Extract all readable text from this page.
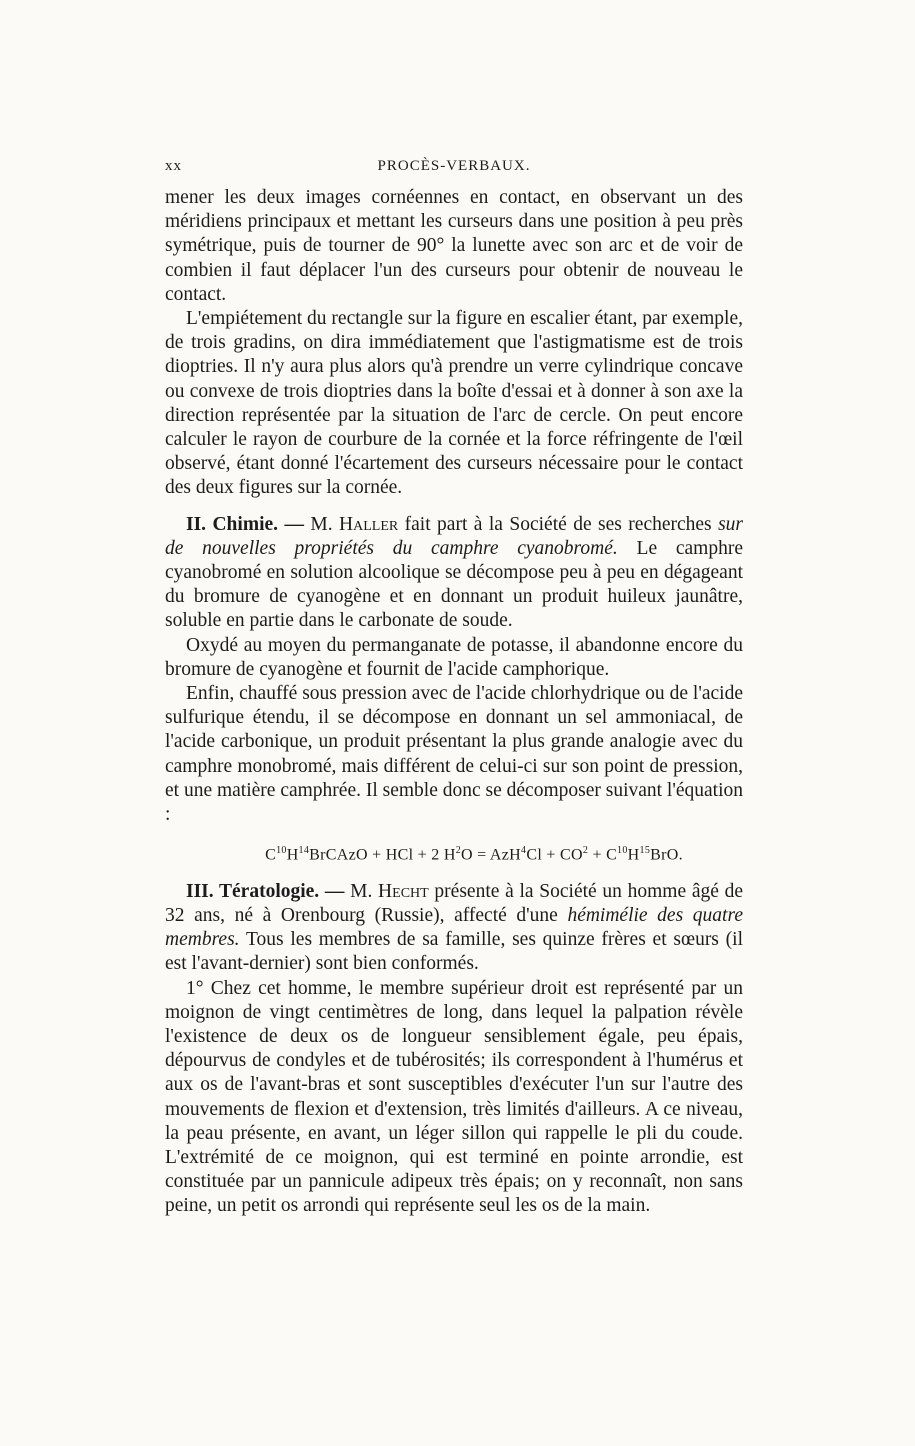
xx	PROCÈS-VERBAUX.

mener les deux images cornéennes en contact, en observant un des méridiens principaux et mettant les curseurs dans une position à peu près symétrique, puis de tourner de 90° la lunette avec son arc et de voir de combien il faut déplacer l'un des curseurs pour obtenir de nouveau le contact.

L'empiétement du rectangle sur la figure en escalier étant, par exemple, de trois gradins, on dira immédiatement que l'astigmatisme est de trois dioptries. Il n'y aura plus alors qu'à prendre un verre cylindrique concave ou convexe de trois dioptries dans la boîte d'essai et à donner à son axe la direction représentée par la situation de l'arc de cercle. On peut encore calculer le rayon de courbure de la cornée et la force réfringente de l'œil observé, étant donné l'écartement des curseurs nécessaire pour le contact des deux figures sur la cornée.

II. Chimie. — M. Haller fait part à la Société de ses recherches sur de nouvelles propriétés du camphre cyanobromé. Le camphre cyanobromé en solution alcoolique se décompose peu à peu en dégageant du bromure de cyanogène et en donnant un produit huileux jaunâtre, soluble en partie dans le carbonate de soude.

Oxydé au moyen du permanganate de potasse, il abandonne encore du bromure de cyanogène et fournit de l'acide camphorique.

Enfin, chauffé sous pression avec de l'acide chlorhydrique ou de l'acide sulfurique étendu, il se décompose en donnant un sel ammoniacal, de l'acide carbonique, un produit présentant la plus grande analogie avec du camphre monobromé, mais différent de celui-ci sur son point de pression, et une matière camphrée. Il semble donc se décomposer suivant l'équation :

$C^{10}H^{14}BrCAzO$ + HCl + 2 $H^2O = AzH^4Cl + CO^2 + C^{10}H^{15}BrO$.

III. Tératologie. — M. Hecht présente à la Société un homme âgé de 32 ans, né à Orenbourg (Russie), affecté d'une hémimélie des quatre membres. Tous les membres de sa famille, ses quinze frères et sœurs (il est l'avant-dernier) sont bien conformés.

1° Chez cet homme, le membre supérieur droit est représenté par un moignon de vingt centimètres de long, dans lequel la palpation révèle l'existence de deux os de longueur sensiblement égale, peu épais, dépourvus de condyles et de tubérosités; ils correspondent à l'humérus et aux os de l'avant-bras et sont susceptibles d'exécuter l'un sur l'autre des mouvements de flexion et d'extension, très limités d'ailleurs. A ce niveau, la peau présente, en avant, un léger sillon qui rappelle le pli du coude. L'extrémité de ce moignon, qui est terminé en pointe arrondie, est constituée par un pannicule adipeux très épais; on y reconnaît, non sans peine, un petit os arrondi qui représente seul les os de la main.
